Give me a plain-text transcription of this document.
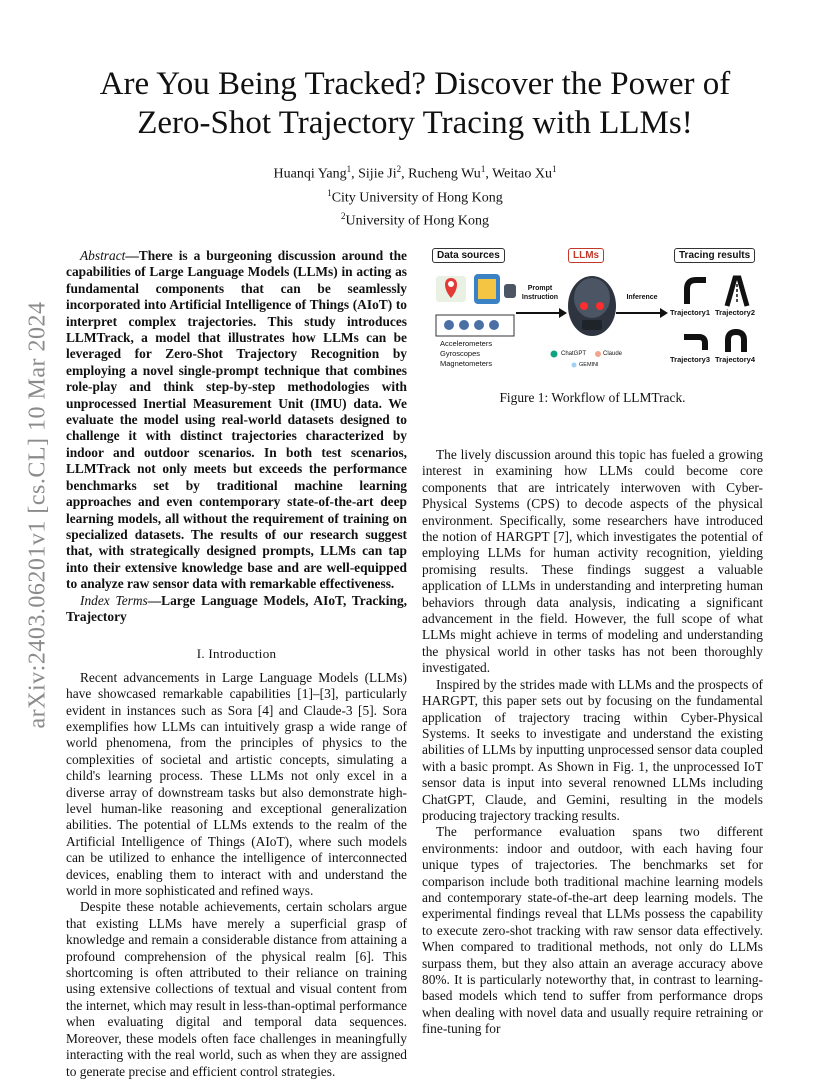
arXiv:2403.06201v1 [cs.CL] 10 Mar 2024
Are You Being Tracked? Discover the Power of
Zero-Shot Trajectory Tracing with LLMs!
Huanqi Yang$^1$, Sijie Ji$^2$, Rucheng Wu$^1$, Weitao Xu$^1$
$^1$City University of Hong Kong
$^2$University of Hong Kong

Abstract—There is a burgeoning discussion around the capabilities of Large Language Models (LLMs) in acting as fundamental components that can be seamlessly incorporated into Artificial Intelligence of Things (AIoT) to interpret complex trajectories. This study introduces LLMTrack, a model that illustrates how LLMs can be leveraged for Zero-Shot Trajectory Recognition by employing a novel single-prompt technique that combines role-play and think step-by-step methodologies with unprocessed Inertial Measurement Unit (IMU) data. We evaluate the model using real-world datasets designed to challenge it with distinct trajectories characterized by indoor and outdoor scenarios. In both test scenarios, LLMTrack not only meets but exceeds the performance benchmarks set by traditional machine learning approaches and even contemporary state-of-the-art deep learning models, all without the requirement of training on specialized datasets. The results of our research suggest that, with strategically designed prompts, LLMs can tap into their extensive knowledge base and are well-equipped to analyze raw sensor data with remarkable effectiveness.

Index Terms—Large Language Models, AIoT, Tracking, Trajectory

I. Introduction

Recent advancements in Large Language Models (LLMs) have showcased remarkable capabilities [1]–[3], particularly evident in instances such as Sora [4] and Claude-3 [5]. Sora exemplifies how LLMs can intuitively grasp a wide range of world phenomena, from the principles of physics to the complexities of societal and artistic concepts, simulating a child's learning process. These LLMs not only excel in a diverse array of downstream tasks but also demonstrate high-level human-like reasoning and exceptional generalization abilities. The potential of LLMs extends to the realm of the Artificial Intelligence of Things (AIoT), where such models can be utilized to enhance the intelligence of interconnected devices, enabling them to interact with and understand the world in more sophisticated and refined ways.

Despite these notable achievements, certain scholars argue that existing LLMs have merely a superficial grasp of knowledge and remain a considerable distance from attaining a profound comprehension of the physical realm [6]. This shortcoming is often attributed to their reliance on training using extensive collections of textual and visual content from the internet, which may result in less-than-optimal performance when evaluating digital and temporal data sequences. Moreover, these models often face challenges in meaningfully interacting with the real world, such as when they are assigned to generate precise and efficient control strategies.

Data sources	LLMs	Tracing results
Prompt
Instruction	Inference
Accelerometers
Gyroscopes
Magnetometers
ChatGPT	Claude
GEMINI
Trajectory1 Trajectory2
Trajectory3 Trajectory4
Figure 1: Workflow of LLMTrack.

The lively discussion around this topic has fueled a growing interest in examining how LLMs could become core components that are intricately interwoven with Cyber-Physical Systems (CPS) to decode aspects of the physical environment. Specifically, some researchers have introduced the notion of HARGPT [7], which investigates the potential of employing LLMs for human activity recognition, yielding promising results. These findings suggest a valuable application of LLMs in understanding and interpreting human behaviors through data analysis, indicating a significant advancement in the field. However, the full scope of what LLMs might achieve in terms of modeling and understanding the physical world in other tasks has not been thoroughly investigated.

Inspired by the strides made with LLMs and the prospects of HARGPT, this paper sets out by focusing on the fundamental application of trajectory tracing within Cyber-Physical Systems. It seeks to investigate and understand the existing abilities of LLMs by inputting unprocessed sensor data coupled with a basic prompt. As Shown in Fig. 1, the unprocessed IoT sensor data is input into several renowned LLMs including ChatGPT, Claude, and Gemini, resulting in the models producing trajectory tracking results.

The performance evaluation spans two different environments: indoor and outdoor, with each having four unique types of trajectories. The benchmarks set for comparison include both traditional machine learning models and contemporary state-of-the-art deep learning models. The experimental findings reveal that LLMs possess the capability to execute zero-shot tracking with raw sensor data effectively. When compared to traditional methods, not only do LLMs surpass them, but they also attain an average accuracy above 80%. It is particularly noteworthy that, in contrast to learning-based models which tend to suffer from performance drops when dealing with novel data and usually require retraining or fine-tuning for
